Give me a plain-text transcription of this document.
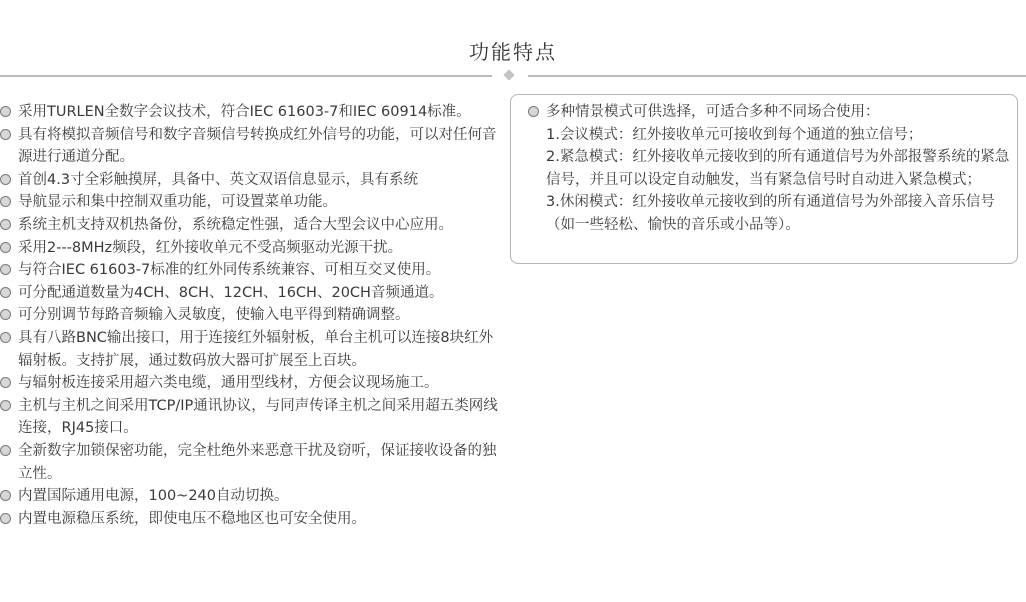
功能特点
采用TURLEN全数字会议技术，符合IEC 61603-7和IEC 60914标准。
具有将模拟音频信号和数字音频信号转换成红外信号的功能，可以对任何音源进行通道分配。
首创4.3寸全彩触摸屏，具备中、英文双语信息显示，具有系统
导航显示和集中控制双重功能，可设置菜单功能。
系统主机支持双机热备份，系统稳定性强，适合大型会议中心应用。
采用2---8MHz频段，红外接收单元不受高频驱动光源干扰。
与符合IEC 61603-7标准的红外同传系统兼容、可相互交叉使用。
可分配通道数量为4CH、8CH、12CH、16CH、20CH音频通道。
可分别调节每路音频输入灵敏度，使输入电平得到精确调整。
具有八路BNC输出接口，用于连接红外辐射板，单台主机可以连接8块红外辐射板。支持扩展，通过数码放大器可扩展至上百块。
与辐射板连接采用超六类电缆，通用型线材，方便会议现场施工。
主机与主机之间采用TCP/IP通讯协议，与同声传译主机之间采用超五类网线连接，RJ45接口。
全新数字加锁保密功能，完全杜绝外来恶意干扰及窃听，保证接收设备的独立性。
内置国际通用电源，100~240自动切换。
内置电源稳压系统，即使电压不稳地区也可安全使用。
多种情景模式可供选择，可适合多种不同场合使用：
1.会议模式：红外接收单元可接收到每个通道的独立信号；
2.紧急模式：红外接收单元接收到的所有通道信号为外部报警系统的紧急信号，并且可以设定自动触发，当有紧急信号时自动进入紧急模式；
3.休闲模式：红外接收单元接收到的所有通道信号为外部接入音乐信号（如一些轻松、愉快的音乐或小品等）。
